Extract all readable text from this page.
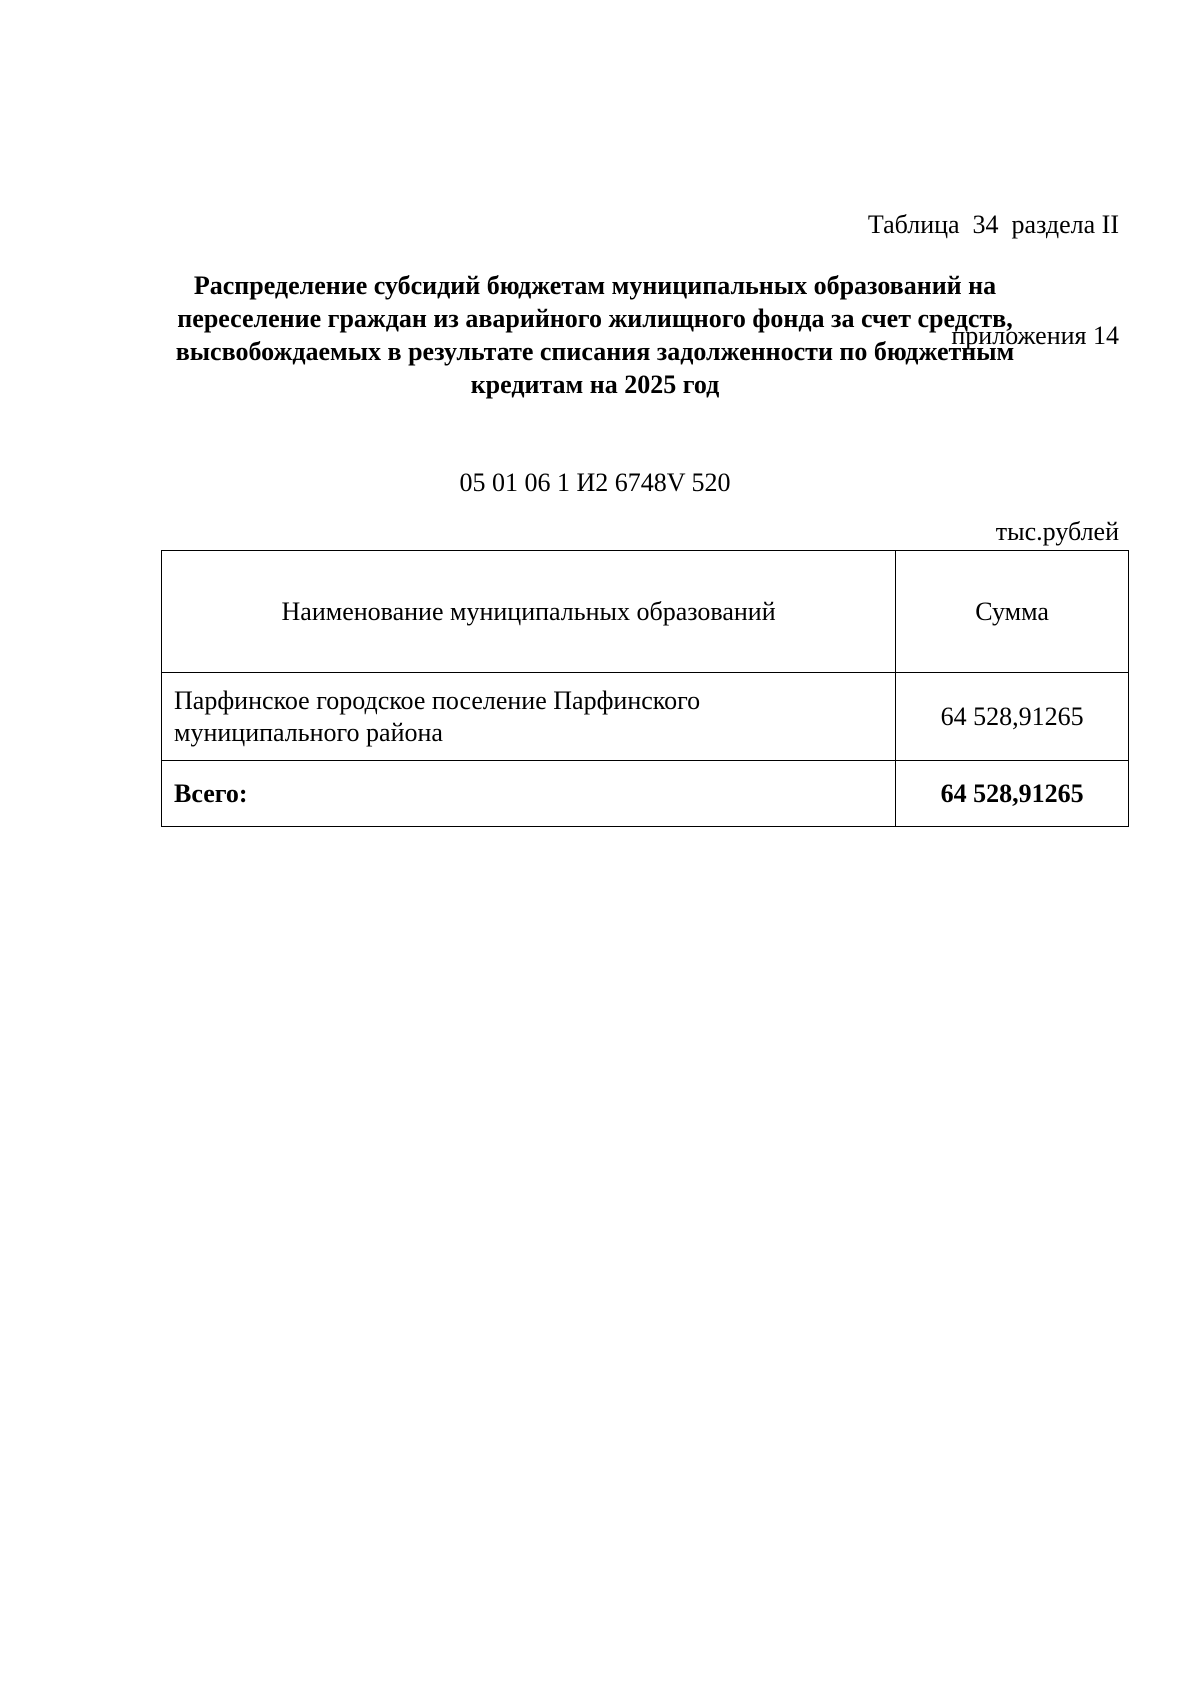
Таблица  34  раздела II

приложения 14

Распределение субсидий бюджетам муниципальных образований на
переселение граждан из аварийного жилищного фонда за счет средств,
высвобождаемых в результате списания задолженности по бюджетным
кредитам на 2025 год
05 01 06 1 И2 6748V 520
тыс.рублей
Наименование муниципальных образований	Сумма

Парфинское городское поселение Парфинского
муниципального района	64 528,91265
Всего:	64 528,91265
